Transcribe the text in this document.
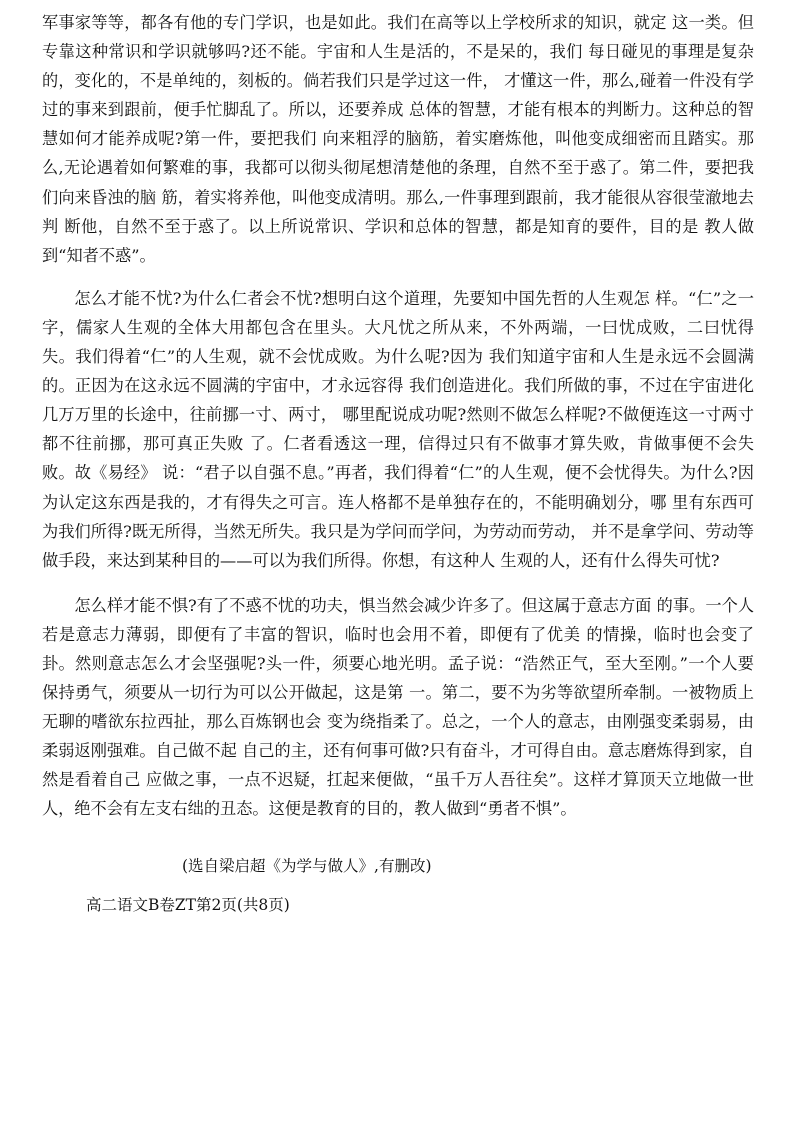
军事家等等，都各有他的专门学识，也是如此。我们在高等以上学校所求的知识，就定 这一类。但专靠这种常识和学识就够吗?还不能。宇宙和人生是活的，不是呆的，我们 每日碰见的事理是复杂的，变化的，不是单纯的，刻板的。倘若我们只是学过这一件， 才懂这一件，那么,碰着一件没有学过的事来到跟前，便手忙脚乱了。所以，还要养成 总体的智慧，才能有根本的判断力。这种总的智慧如何才能养成呢?第一件，要把我们 向来粗浮的脑筋，着实磨炼他，叫他变成细密而且踏实。那么,无论遇着如何繁难的事，我都可以彻头彻尾想清楚他的条理，自然不至于惑了。第二件，要把我们向来昏浊的脑 筋，着实将养他，叫他变成清明。那么,一件事理到跟前，我才能很从容很莹澈地去判 断他，自然不至于惑了。以上所说常识、学识和总体的智慧，都是知育的要件，目的是 教人做到“知者不惑”。

怎么才能不忧?为什么仁者会不忧?想明白这个道理，先要知中国先哲的人生观怎 样。“仁”之一字，儒家人生观的全体大用都包含在里头。大凡忧之所从来，不外两端，一曰忧成败，二曰忧得失。我们得着“仁”的人生观，就不会忧成败。为什么呢?因为 我们知道宇宙和人生是永远不会圆满的。正因为在这永远不圆满的宇宙中，才永远容得 我们创造进化。我们所做的事，不过在宇宙进化几万万里的长途中，往前挪一寸、两寸， 哪里配说成功呢?然则不做怎么样呢?不做便连这一寸两寸都不往前挪，那可真正失败 了。仁者看透这一理，信得过只有不做事才算失败，肯做事便不会失败。故《易经》 说：“君子以自强不息。”再者，我们得着“仁”的人生观，便不会忧得失。为什么?因 为认定这东西是我的，才有得失之可言。连人格都不是单独存在的，不能明确划分，哪 里有东西可为我们所得?既无所得，当然无所失。我只是为学问而学问，为劳动而劳动， 并不是拿学问、劳动等做手段，来达到某种目的——可以为我们所得。你想，有这种人 生观的人，还有什么得失可忧?

怎么样才能不惧?有了不惑不忧的功夫，惧当然会减少许多了。但这属于意志方面 的事。一个人若是意志力薄弱，即便有了丰富的智识，临时也会用不着，即便有了优美 的情操，临时也会变了卦。然则意志怎么才会坚强呢?头一件，须要心地光明。孟子说：“浩然正气，至大至刚。”一个人要保持勇气，须要从一切行为可以公开做起，这是第 一。第二，要不为劣等欲望所牵制。一被物质上无聊的嗜欲东拉西扯，那么百炼钢也会 变为绕指柔了。总之，一个人的意志，由刚强变柔弱易，由柔弱返刚强难。自己做不起 自己的主，还有何事可做?只有奋斗，才可得自由。意志磨炼得到家，自然是看着自己 应做之事，一点不迟疑，扛起来便做，“虽千万人吾往矣”。这样才算顶天立地做一世 人，绝不会有左支右绌的丑态。这便是教育的目的，教人做到“勇者不惧”。

(选自梁启超《为学与做人》,有删改)

高二语文B卷ZT第2页(共8页)
